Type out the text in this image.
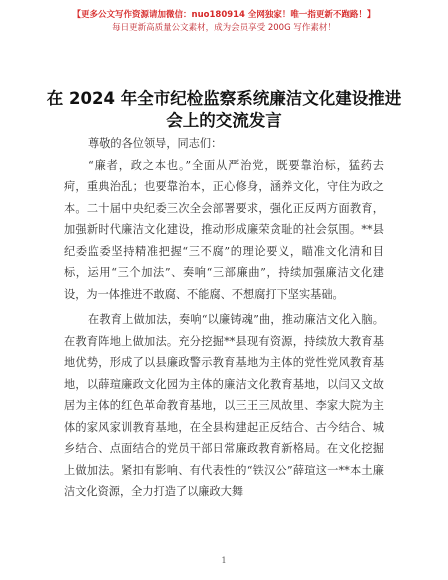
【更多公文写作资源请加微信：nuo180914 全网独家！唯一指更新不跑路！】
每日更新高质量公文素材，成为会员享受 200G 写作素材！
在 2024 年全市纪检监察系统廉洁文化建设推进
会上的交流发言
尊敬的各位领导，同志们：

“廉者，政之本也。”全面从严治党，既要靠治标，猛药去疴，重典治乱；也要靠治本，正心修身，涵养文化，守住为政之本。二十届中央纪委三次全会部署要求，强化正反两方面教育，加强新时代廉洁文化建设，推动形成廉荣贪耻的社会氛围。**县纪委监委坚持精准把握“三不腐”的理论要义，瞄准文化清和目标，运用“三个加法”、奏响“三部廉曲”，持续加强廉洁文化建设，为一体推进不敢腐、不能腐、不想腐打下坚实基础。

在教育上做加法，奏响“以廉铸魂”曲，推动廉洁文化入脑。在教育阵地上做加法。充分挖掘**县现有资源，持续放大教育基地优势，形成了以县廉政警示教育基地为主体的党性党风教育基地，以薛瑄廉政文化园为主体的廉洁文化教育基地，以闫又文故居为主体的红色革命教育基地，以三王三凤故里、李家大院为主体的家风家训教育基地，在全县构建起正反结合、古今结合、城乡结合、点面结合的党员干部日常廉政教育新格局。在文化挖掘上做加法。紧扣有影响、有代表性的“铁汉公”薛瑄这一**本土廉洁文化资源，全力打造了以廉政大舞

1
